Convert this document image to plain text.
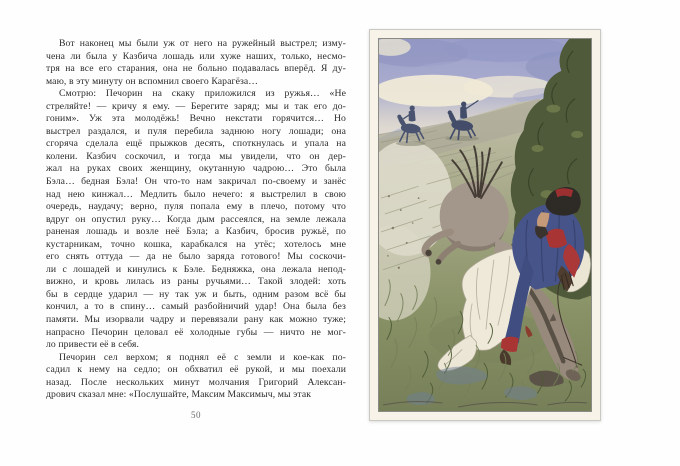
Вот наконец мы были уж от него на ружейный выстрел; изму-
чена ли была у Казбича лошадь или хуже наших, только, несмо-
тря на все его старания, она не больно подавалась вперёд. Я ду-
маю, в эту минуту он вспомнил своего Карагёза…
Смотрю: Печорин на скаку приложился из ружья… «Не
стреляйте! — кричу я ему. — Берегите заряд; мы и так его до-
гоним». Уж эта молодёжь! Вечно некстати горячится… Но
выстрел раздался, и пуля перебила заднюю ногу лошади; она
сгоряча сделала ещё прыжков десять, споткнулась и упала на
колени. Казбич соскочил, и тогда мы увидели, что он дер-
жал на руках своих женщину, окутанную чадрою… Это была
Бэла… бедная Бэла! Он что-то нам закричал по-своему и занёс
над нею кинжал… Медлить было нечего: я выстрелил в свою
очередь, наудачу; верно, пуля попала ему в плечо, потому что
вдруг он опустил руку… Когда дым рассеялся, на земле лежала
раненая лошадь и возле неё Бэла; а Казбич, бросив ружьё, по
кустарникам, точно кошка, карабкался на утёс; хотелось мне
его снять оттуда — да не было заряда готового! Мы соскочи-
ли с лошадей и кинулись к Бэле. Бедняжка, она лежала непод-
вижно, и кровь лилась из раны ручьями… Такой злодей: хоть
бы в сердце ударил — ну так уж и быть, одним разом всё бы
кончил, а то в спину… самый разбойничий удар! Она была без
памяти. Мы изорвали чадру и перевязали рану как можно туже;
напрасно Печорин целовал её холодные губы — ничто не мог-
ло привести её в себя.
Печорин сел верхом; я поднял её с земли и кое-как по-
садил к нему на седло; он обхватил её рукой, и мы поехали
назад. После нескольких минут молчания Григорий Алексан-
дрович сказал мне: «Послушайте, Максим Максимыч, мы этак
50
